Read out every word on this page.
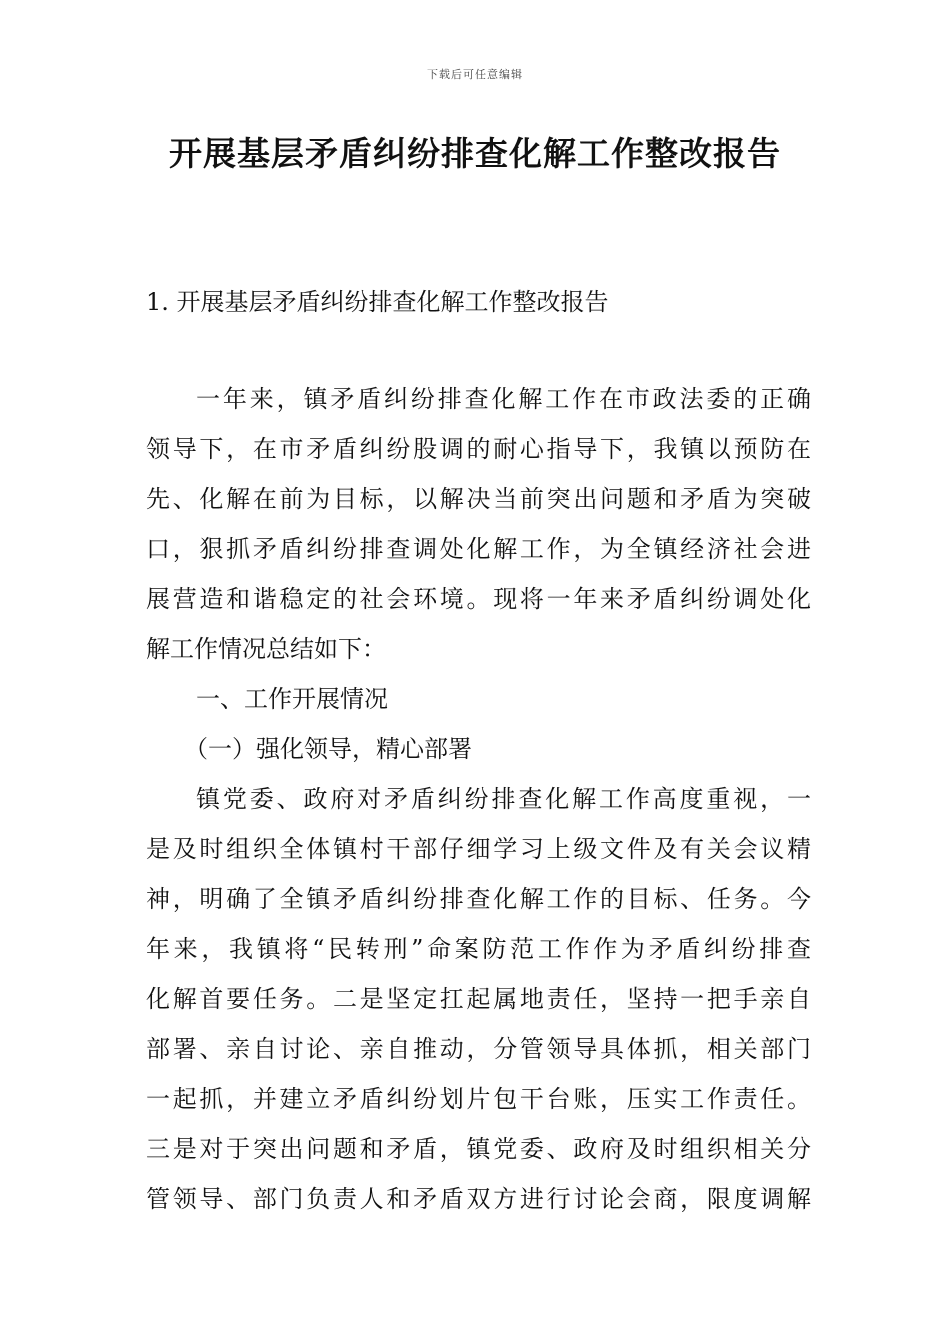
下载后可任意编辑
开展基层矛盾纠纷排查化解工作整改报告

1. 开展基层矛盾纠纷排查化解工作整改报告

一年来，镇矛盾纠纷排查化解工作在市政法委的正确
领导下，在市矛盾纠纷股调的耐心指导下，我镇以预防在
先、化解在前为目标，以解决当前突出问题和矛盾为突破
口，狠抓矛盾纠纷排查调处化解工作，为全镇经济社会进
展营造和谐稳定的社会环境。现将一年来矛盾纠纷调处化
解工作情况总结如下：
一、工作开展情况
（一）强化领导，精心部署
镇党委、政府对矛盾纠纷排查化解工作高度重视，一
是及时组织全体镇村干部仔细学习上级文件及有关会议精
神，明确了全镇矛盾纠纷排查化解工作的目标、任务。今
年来，我镇将“民转刑”命案防范工作作为矛盾纠纷排查
化解首要任务。二是坚定扛起属地责任，坚持一把手亲自
部署、亲自讨论、亲自推动，分管领导具体抓，相关部门
一起抓，并建立矛盾纠纷划片包干台账，压实工作责任。
三是对于突出问题和矛盾，镇党委、政府及时组织相关分
管领导、部门负责人和矛盾双方进行讨论会商，限度调解
